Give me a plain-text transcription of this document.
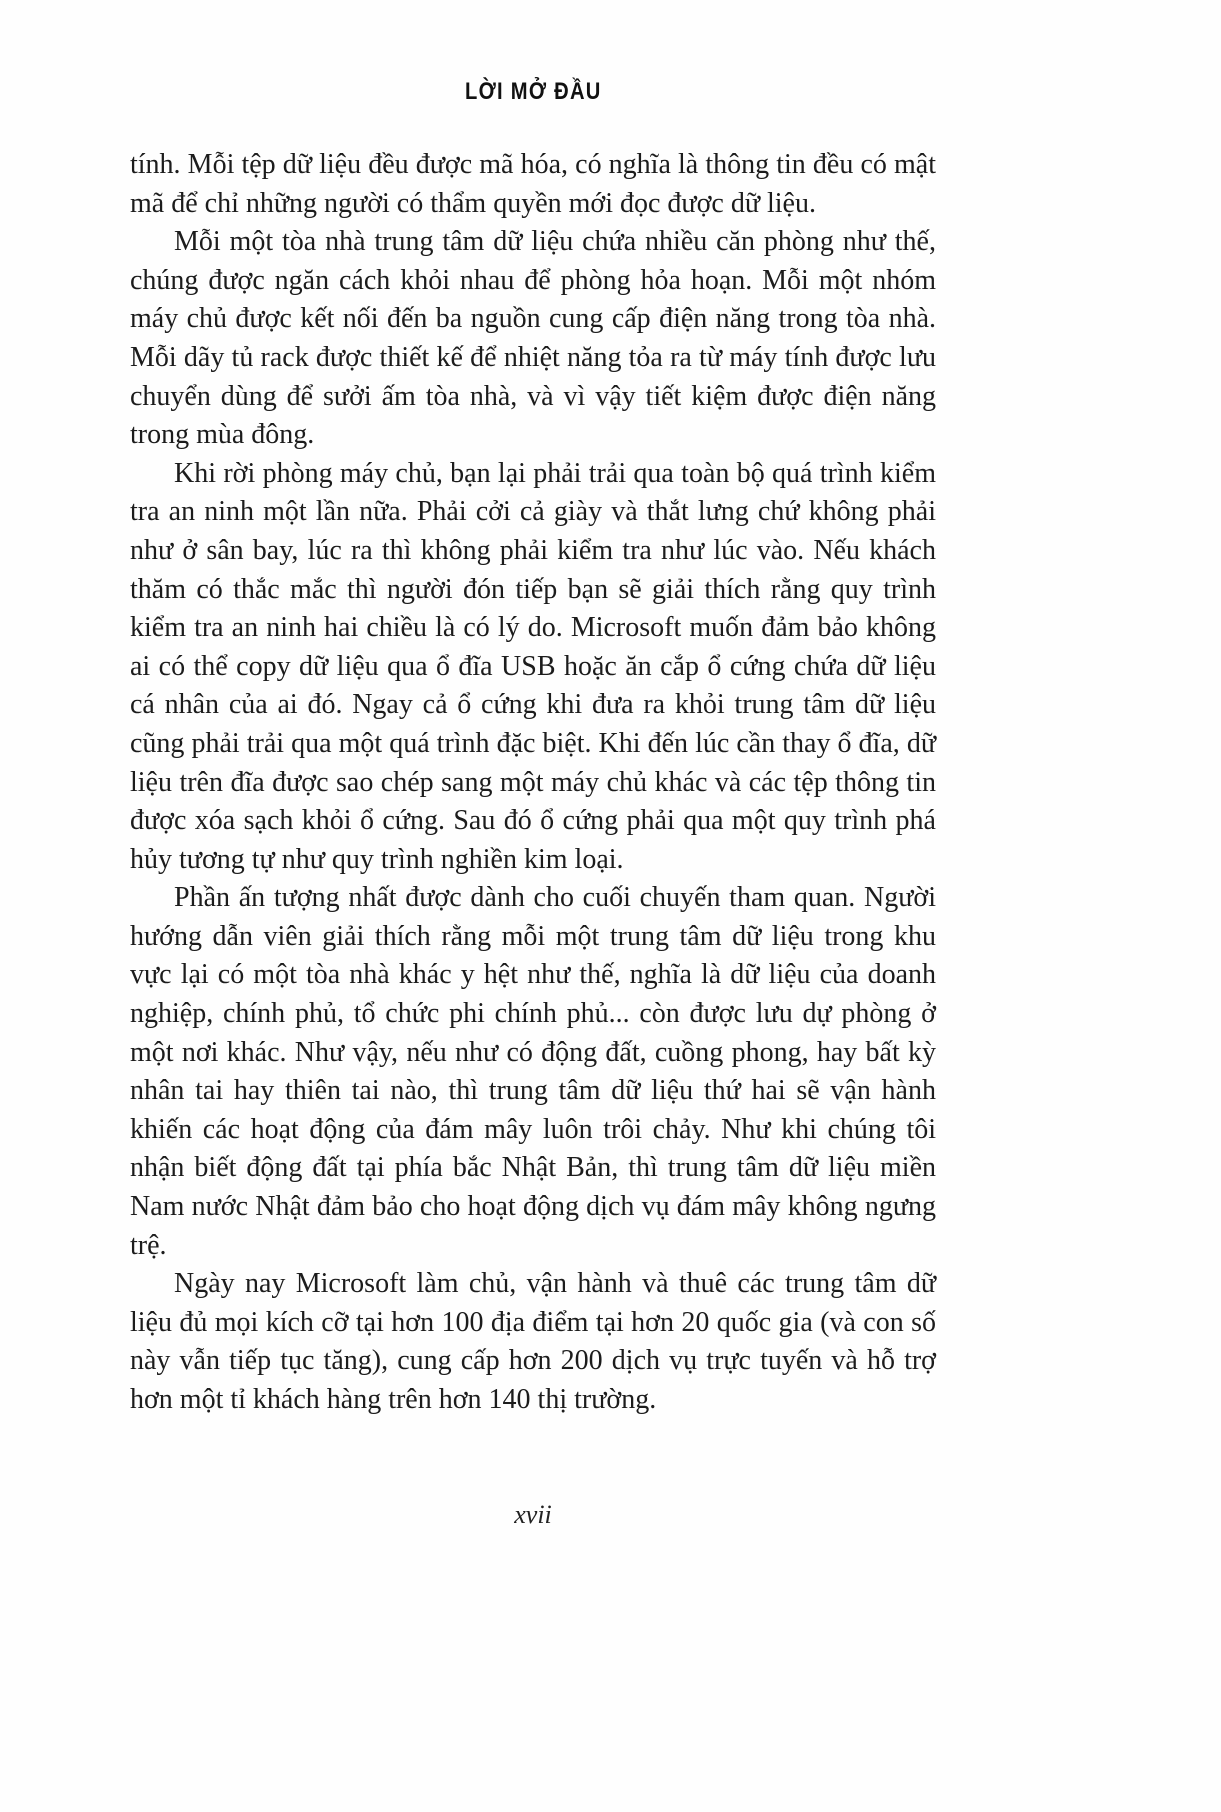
LỜI MỞ ĐẦU

tính. Mỗi tệp dữ liệu đều được mã hóa, có nghĩa là thông tin đều có mật mã để chỉ những người có thẩm quyền mới đọc được dữ liệu.

Mỗi một tòa nhà trung tâm dữ liệu chứa nhiều căn phòng như thế, chúng được ngăn cách khỏi nhau để phòng hỏa hoạn. Mỗi một nhóm máy chủ được kết nối đến ba nguồn cung cấp điện năng trong tòa nhà. Mỗi dãy tủ rack được thiết kế để nhiệt năng tỏa ra từ máy tính được lưu chuyển dùng để sưởi ấm tòa nhà, và vì vậy tiết kiệm được điện năng trong mùa đông.

Khi rời phòng máy chủ, bạn lại phải trải qua toàn bộ quá trình kiểm tra an ninh một lần nữa. Phải cởi cả giày và thắt lưng chứ không phải như ở sân bay, lúc ra thì không phải kiểm tra như lúc vào. Nếu khách thăm có thắc mắc thì người đón tiếp bạn sẽ giải thích rằng quy trình kiểm tra an ninh hai chiều là có lý do. Microsoft muốn đảm bảo không ai có thể copy dữ liệu qua ổ đĩa USB hoặc ăn cắp ổ cứng chứa dữ liệu cá nhân của ai đó. Ngay cả ổ cứng khi đưa ra khỏi trung tâm dữ liệu cũng phải trải qua một quá trình đặc biệt. Khi đến lúc cần thay ổ đĩa, dữ liệu trên đĩa được sao chép sang một máy chủ khác và các tệp thông tin được xóa sạch khỏi ổ cứng. Sau đó ổ cứng phải qua một quy trình phá hủy tương tự như quy trình nghiền kim loại.

Phần ấn tượng nhất được dành cho cuối chuyến tham quan. Người hướng dẫn viên giải thích rằng mỗi một trung tâm dữ liệu trong khu vực lại có một tòa nhà khác y hệt như thế, nghĩa là dữ liệu của doanh nghiệp, chính phủ, tổ chức phi chính phủ... còn được lưu dự phòng ở một nơi khác. Như vậy, nếu như có động đất, cuồng phong, hay bất kỳ nhân tai hay thiên tai nào, thì trung tâm dữ liệu thứ hai sẽ vận hành khiến các hoạt động của đám mây luôn trôi chảy. Như khi chúng tôi nhận biết động đất tại phía bắc Nhật Bản, thì trung tâm dữ liệu miền Nam nước Nhật đảm bảo cho hoạt động dịch vụ đám mây không ngưng trệ.

Ngày nay Microsoft làm chủ, vận hành và thuê các trung tâm dữ liệu đủ mọi kích cỡ tại hơn 100 địa điểm tại hơn 20 quốc gia (và con số này vẫn tiếp tục tăng), cung cấp hơn 200 dịch vụ trực tuyến và hỗ trợ hơn một tỉ khách hàng trên hơn 140 thị trường.

xvii
